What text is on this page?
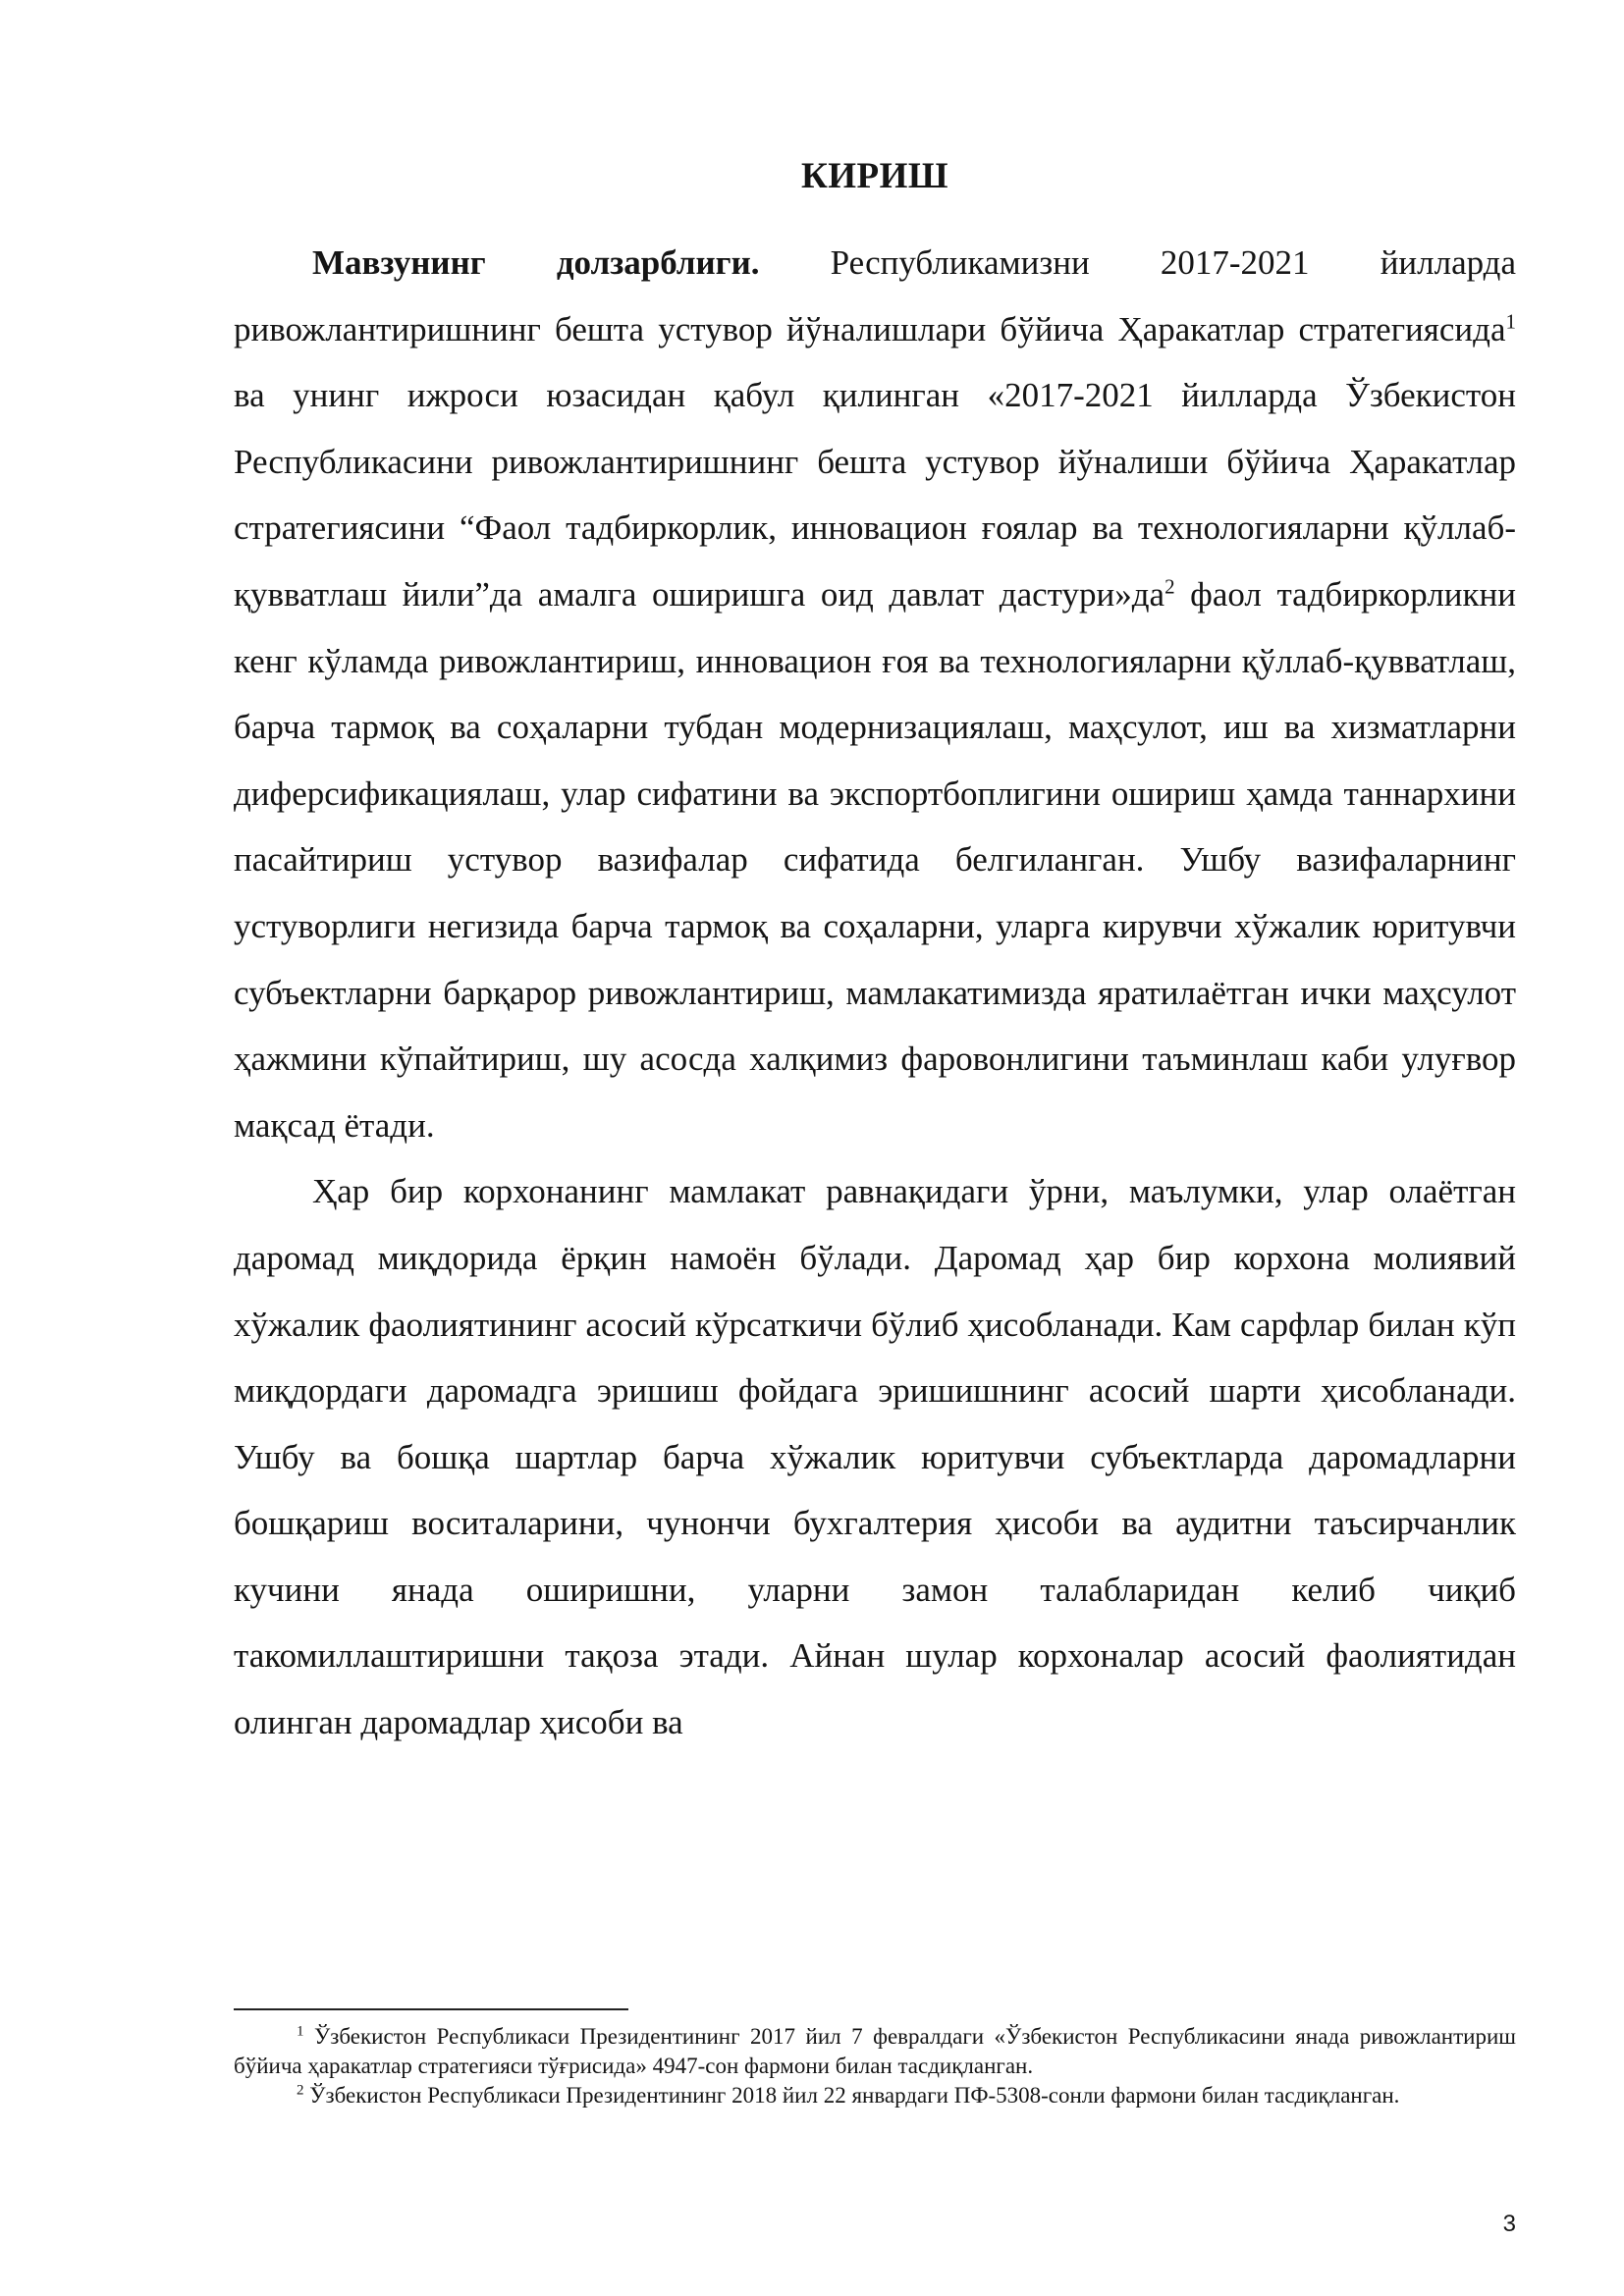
КИРИШ

Мавзунинг долзарблиги. Республикамизни 2017-2021 йилларда ривожлантиришнинг бешта устувор йўналишлари бўйича Ҳаракатлар стратегиясида$^1$ ва унинг ижроси юзасидан қабул қилинган «2017-2021 йилларда Ўзбекистон Республикасини ривожлантиришнинг бешта устувор йўналиши бўйича Ҳаракатлар стратегиясини “Фаол тадбиркорлик, инновацион ғоялар ва технологияларни қўллаб-қувватлаш йили”да амалга оширишга оид давлат $дастури»да^2$ фаол тадбиркорликни кенг кўламда ривожлантириш, инновацион ғоя ва технологияларни қўллаб-қувватлаш, барча тармоқ ва соҳаларни тубдан модернизациялаш, маҳсулот, иш ва хизматларни диферсификациялаш, улар сифатини ва экспортбоплигини ошириш ҳамда таннархини пасайтириш устувор вазифалар сифатида белгиланган. Ушбу вазифаларнинг устуворлиги негизида барча тармоқ ва соҳаларни, уларга кирувчи хўжалик юритувчи субъектларни барқарор ривожлантириш, мамлакатимизда яратилаётган ички маҳсулот ҳажмини кўпайтириш, шу асосда халқимиз фаровонлигини таъминлаш каби улуғвор мақсад ётади.

Ҳар бир корхонанинг мамлакат равнақидаги ўрни, маълумки, улар олаётган даромад миқдорида ёрқин намоён бўлади. Даромад ҳар бир корхона молиявий хўжалик фаолиятининг асосий кўрсаткичи бўлиб ҳисобланади. Кам сарфлар билан кўп миқдордаги даромадга эришиш фойдага эришишнинг асосий шарти ҳисобланади. Ушбу ва бошқа шартлар барча хўжалик юритувчи субъектларда даромадларни бошқариш воситаларини, чунончи бухгалтерия ҳисоби ва аудитни таъсирчанлик кучини янада оширишни, уларни замон талабларидан келиб чиқиб такомиллаштиришни тақоза этади. Айнан шулар корхоналар асосий фаолиятидан олинган даромадлар ҳисоби ва

$^1$ Ўзбекистон Республикаси Президентининг 2017 йил 7 февралдаги «Ўзбекистон Республикасини янада ривожлантириш бўйича ҳаракатлар стратегияси тўғрисида» 4947-сон фармони билан тасдиқланган.

$^2$ Ўзбекистон Республикаси Президентининг 2018 йил 22 январдаги ПФ-5308-сонли фармони билан тасдиқланган.

3
